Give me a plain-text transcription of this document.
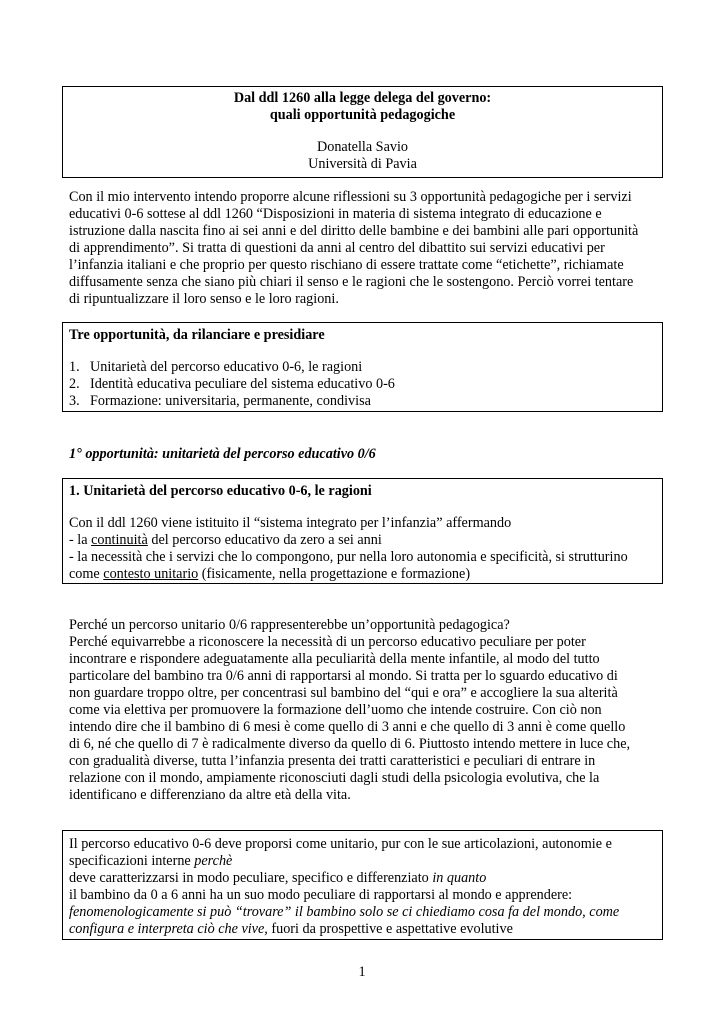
Dal ddl 1260 alla legge delega del governo:
quali opportunità pedagogiche
Donatella Savio
Università di Pavia
Con il mio intervento intendo proporre alcune riflessioni su 3 opportunità pedagogiche per i servizi
educativi 0-6 sottese al ddl 1260 “Disposizioni in materia di sistema integrato di educazione e
istruzione dalla nascita fino ai sei anni e del diritto delle bambine e dei bambini alle pari opportunità
di apprendimento”. Si tratta di questioni da anni al centro del dibattito sui servizi educativi per
l’infanzia italiani e che proprio per questo rischiano di essere trattate come “etichette”, richiamate
diffusamente senza che siano più chiari il senso e le ragioni che le sostengono. Perciò vorrei tentare
di ripuntualizzare il loro senso e le loro ragioni.
Tre opportunità, da rilanciare e presidiare
1. Unitarietà del percorso educativo 0-6, le ragioni
2. Identità educativa peculiare del sistema educativo 0-6
3. Formazione: universitaria, permanente, condivisa
1° opportunità: unitarietà del percorso educativo 0/6
1. Unitarietà del percorso educativo 0-6, le ragioni
Con il ddl 1260 viene istituito il “sistema integrato per l’infanzia” affermando
- la continuità del percorso educativo da zero a sei anni
- la necessità che i servizi che lo compongono, pur nella loro autonomia e specificità, si strutturino
come contesto unitario (fisicamente, nella progettazione e formazione)
Perché un percorso unitario 0/6 rappresenterebbe un’opportunità pedagogica?
Perché equivarrebbe a riconoscere la necessità di un percorso educativo peculiare per poter
incontrare e rispondere adeguatamente alla peculiarità della mente infantile, al modo del tutto
particolare del bambino tra 0/6 anni di rapportarsi al mondo. Si tratta per lo sguardo educativo di
non guardare troppo oltre, per concentrasi sul bambino del “qui e ora” e accogliere la sua alterità
come via elettiva per promuovere la formazione dell’uomo che intende costruire. Con ciò non
intendo dire che il bambino di 6 mesi è come quello di 3 anni e che quello di 3 anni è come quello
di 6, né che quello di 7 è radicalmente diverso da quello di 6. Piuttosto intendo mettere in luce che,
con gradualità diverse, tutta l’infanzia presenta dei tratti caratteristici e peculiari di entrare in
relazione con il mondo, ampiamente riconosciuti dagli studi della psicologia evolutiva, che la
identificano e differenziano da altre età della vita.
Il percorso educativo 0-6 deve proporsi come unitario, pur con le sue articolazioni, autonomie e
specificazioni interne perchè
deve caratterizzarsi in modo peculiare, specifico e differenziato in quanto
il bambino da 0 a 6 anni ha un suo modo peculiare di rapportarsi al mondo e apprendere:
fenomenologicamente si può “trovare” il bambino solo se ci chiediamo cosa fa del mondo, come
configura e interpreta ciò che vive, fuori da prospettive e aspettative evolutive
1
